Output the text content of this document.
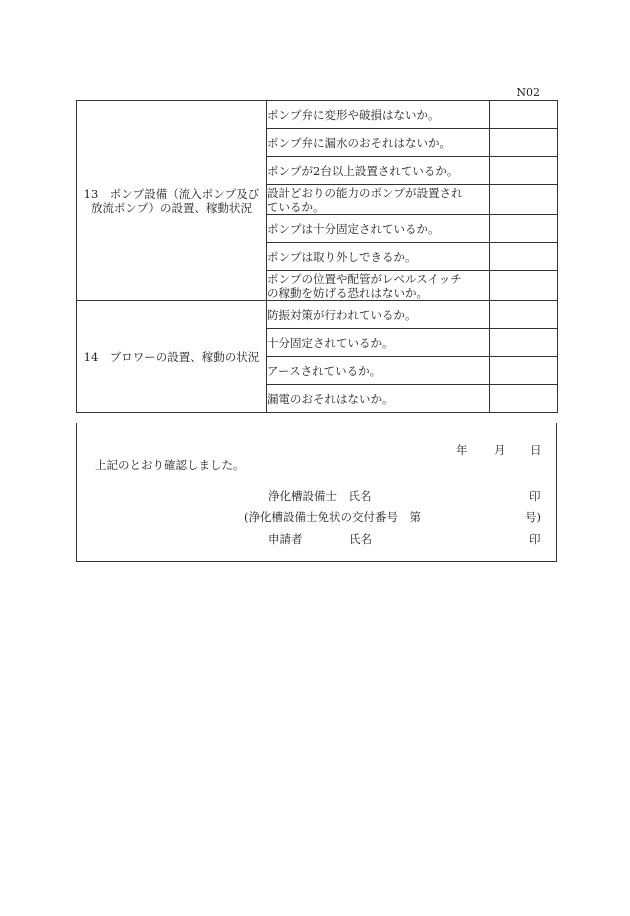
N02
13　ポンプ設備（流入ポンプ及び
放流ポンプ）の設置、稼動状況	ポンプ弁に変形や破損はないか。	

	ポンプ弁に漏水のおそれはないか。	

	ポンプが2台以上設置されているか。	

	設計どおりの能力のポンプが設置され
ているか。	

	ポンプは十分固定されているか。	

	ポンプは取り外しできるか。	

	ポンプの位置や配管がレベルスイッチ
の稼動を妨げる恐れはないか。	

14　ブロワーの設置、稼動の状況	防振対策が行われているか。	

	十分固定されているか。	

	アースされているか。	

	漏電のおそれはないか。	

年 月 日
上記のとおり確認しました。
浄化槽設備士　氏名	印
(浄化槽設備士免状の交付番号　第	号)
申請者	氏名	印
